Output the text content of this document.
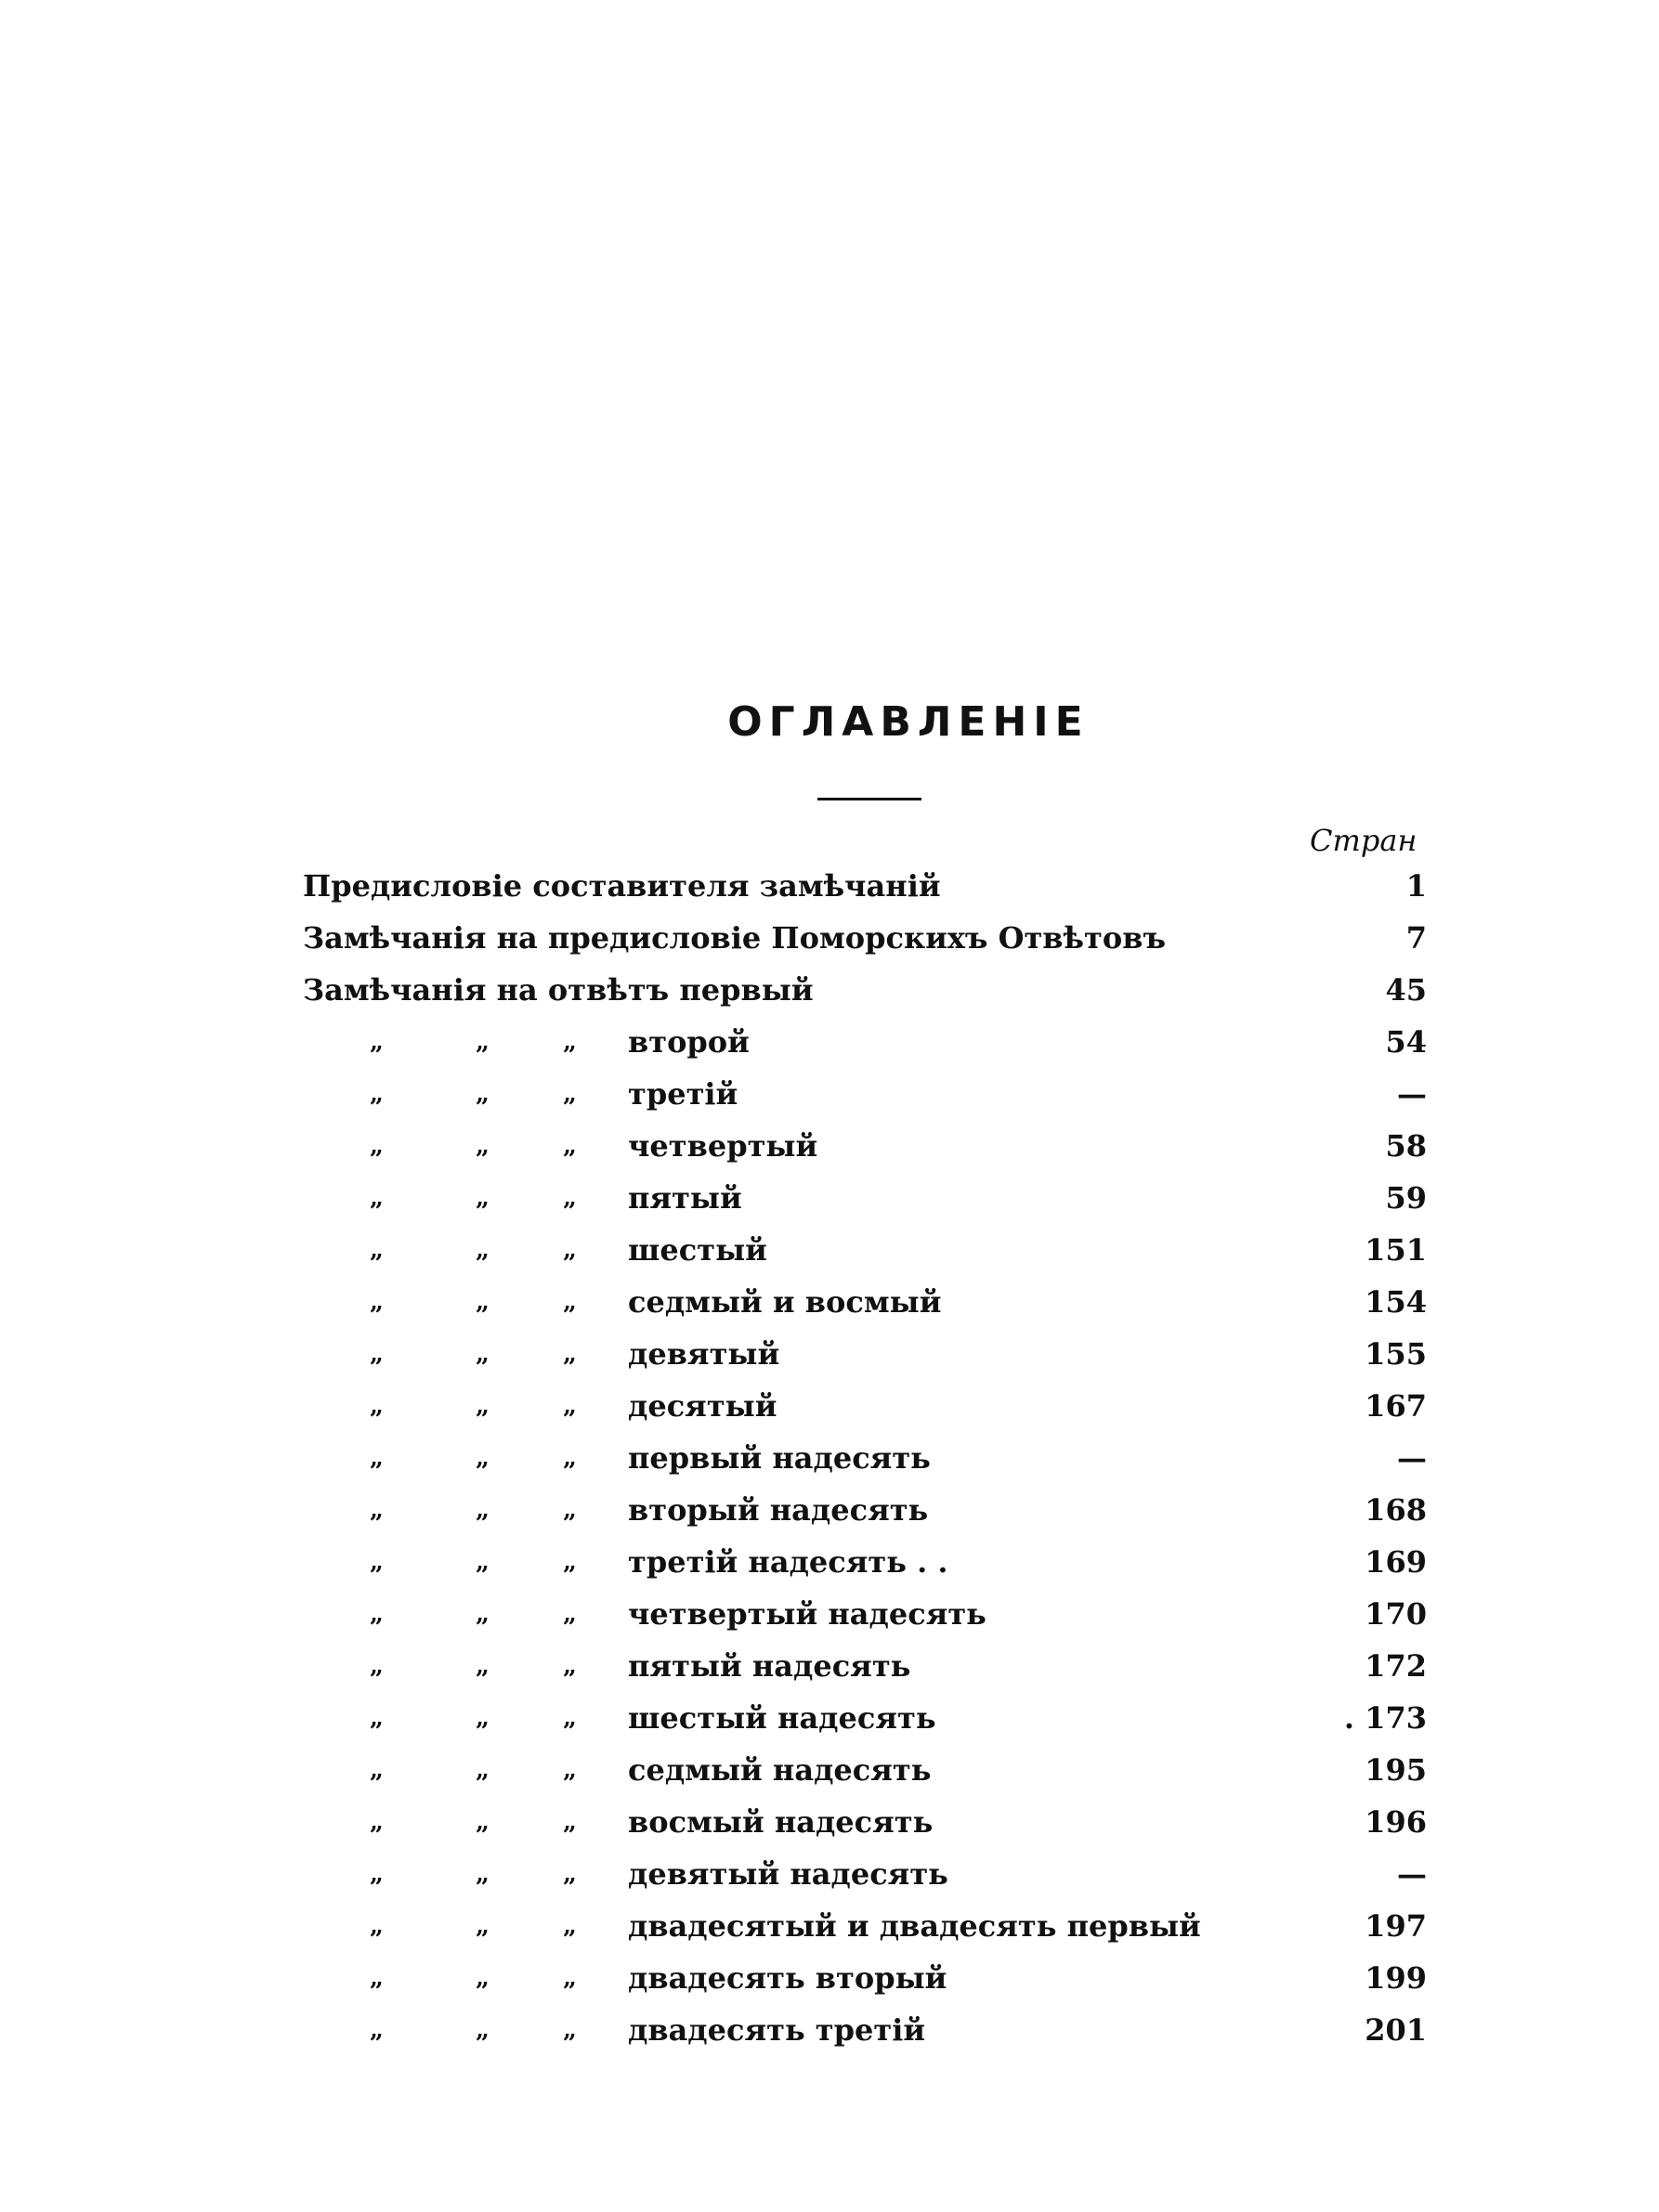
ОГЛАВЛЕНIЕ
Стран
Предисловiе составителя замѣчанiй	1
Замѣчанiя на предисловiе Поморскихъ Отвѣтовъ	7
Замѣчанiя на отвѣтъ первый	45
„	„	„ второй	54
„	„	„ третiй	—
„	„	„ четвертый	58
„	„	„ пятый	59
„	„	„ шестый	151
„	„	„ седмый и восмый	154
„	„	„ девятый	155
„	„	„ десятый	167
„	„	„ первый надесять	—
„	„	„ вторый надесять	168
„	„	„ третiй надесять . .	169
„	„	„ четвертый надесять	170
„	„	„ пятый надесять	172
„	„	„ шестый надесять	. 173
„	„	„ седмый надесять	195
„	„	„ восмый надесять	196
„	„	„ девятый надесять	—
„	„	„ двадесятый и двадесять первый	197
„	„	„ двадесять вторый	199
„	„	„ двадесять третiй	201
